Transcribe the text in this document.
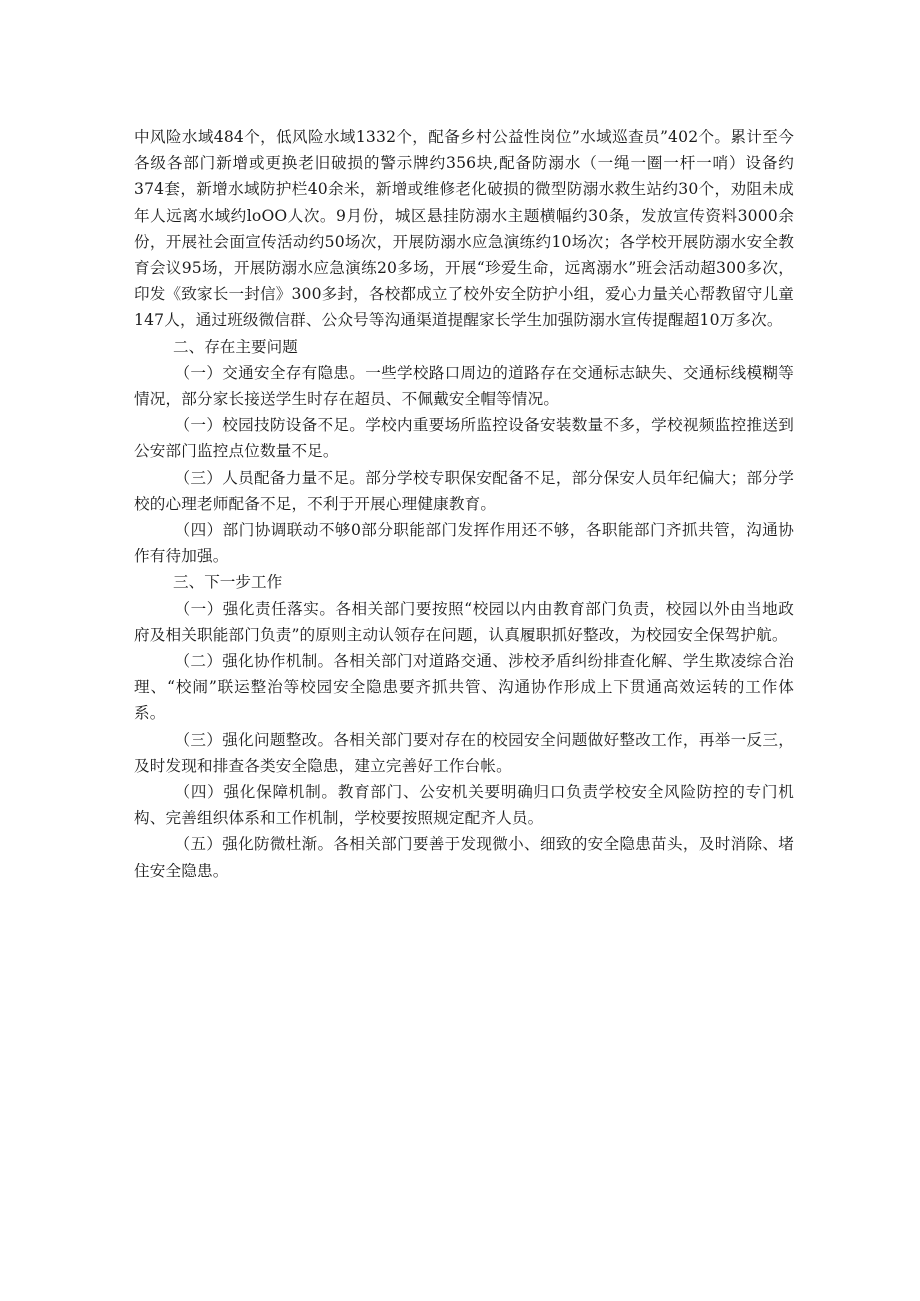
中风险水域484个，低风险水域1332个，配备乡村公益性岗位”水域巡查员”402个。累计至今各级各部门新增或更换老旧破损的警示牌约356块,配备防溺水（一绳一圈一杆一哨）设备约374套，新增水域防护栏40余米，新增或维修老化破损的微型防溺水救生站约30个，劝阻未成年人远离水域约loOO人次。9月份，城区悬挂防溺水主题横幅约30条，发放宣传资料3000余份，开展社会面宣传活动约50场次，开展防溺水应急演练约10场次；各学校开展防溺水安全教育会议95场，开展防溺水应急演练20多场，开展“珍爱生命，远离溺水”班会活动超300多次，印发《致家长一封信》300多封，各校都成立了校外安全防护小组，爱心力量关心帮教留守儿童147人，通过班级微信群、公众号等沟通渠道提醒家长学生加强防溺水宣传提醒超10万多次。

二、存在主要问题

（一）交通安全存有隐患。一些学校路口周边的道路存在交通标志缺失、交通标线模糊等情况，部分家长接送学生时存在超员、不佩戴安全帽等情况。

（一）校园技防设备不足。学校内重要场所监控设备安装数量不多，学校视频监控推送到公安部门监控点位数量不足。

（三）人员配备力量不足。部分学校专职保安配备不足，部分保安人员年纪偏大；部分学校的心理老师配备不足，不利于开展心理健康教育。

（四）部门协调联动不够0部分职能部门发挥作用还不够，各职能部门齐抓共管，沟通协作有待加强。

三、下一步工作

（一）强化责任落实。各相关部门要按照“校园以内由教育部门负责，校园以外由当地政府及相关职能部门负责”的原则主动认领存在问题，认真履职抓好整改，为校园安全保驾护航。

（二）强化协作机制。各相关部门对道路交通、涉校矛盾纠纷排查化解、学生欺凌综合治理、“校闹”联运整治等校园安全隐患要齐抓共管、沟通协作形成上下贯通高效运转的工作体系。

（三）强化问题整改。各相关部门要对存在的校园安全问题做好整改工作，再举一反三，及时发现和排查各类安全隐患，建立完善好工作台帐。

（四）强化保障机制。教育部门、公安机关要明确归口负责学校安全风险防控的专门机构、完善组织体系和工作机制，学校要按照规定配齐人员。

（五）强化防微杜渐。各相关部门要善于发现微小、细致的安全隐患苗头，及时消除、堵住安全隐患。
